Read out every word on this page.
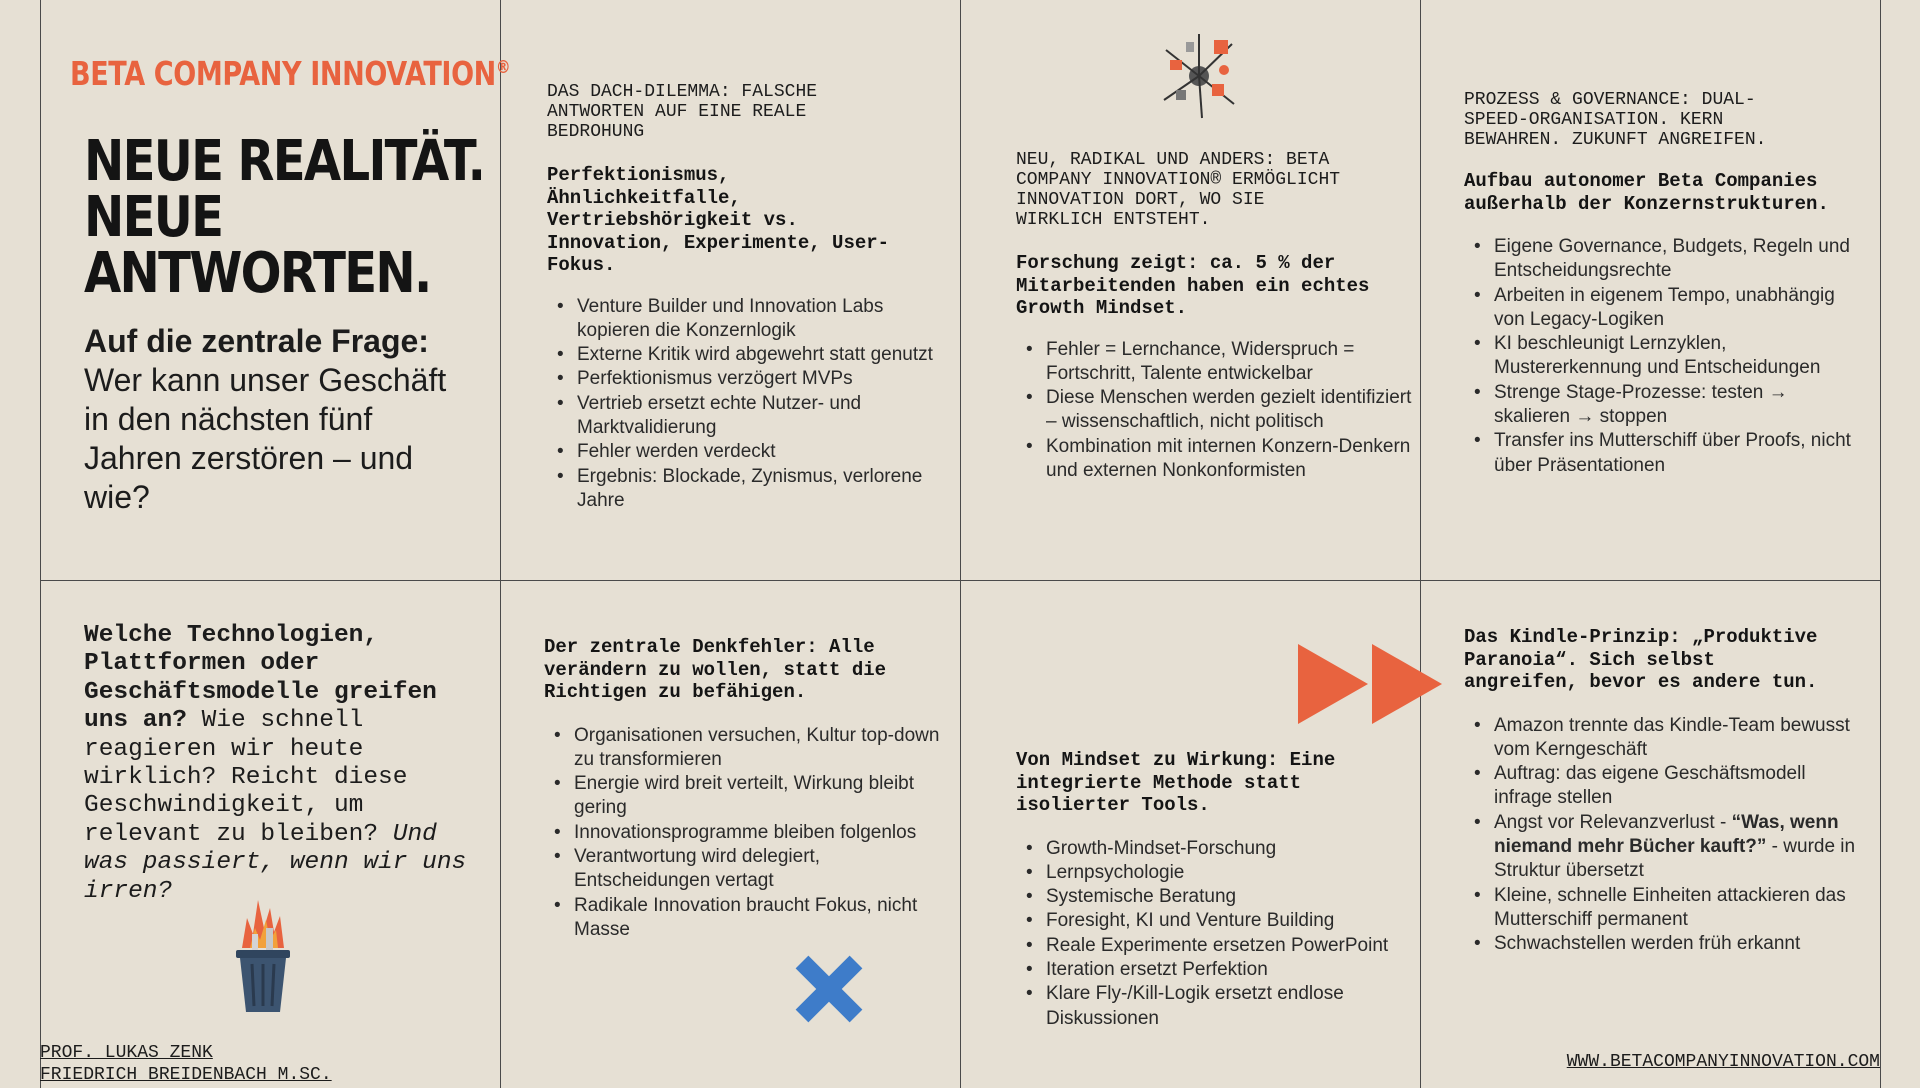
BETA COMPANY INNOVATION®
NEUE REALITÄT.
NEUE
ANTWORTEN.
Auf die zentrale Frage:
Wer kann unser Geschäft in den nächsten fünf Jahren zerstören – und wie?
Welche Technologien, Plattformen oder Geschäftsmodelle greifen uns an? Wie schnell reagieren wir heute wirklich? Reicht diese Geschwindigkeit, um relevant zu bleiben? Und was passiert, wenn wir uns irren?
PROF. LUKAS ZENK
FRIEDRICH BREIDENBACH M.SC.
DAS DACH-DILEMMA: FALSCHE
ANTWORTEN AUF EINE REALE
BEDROHUNG
Perfektionismus,
Ähnlichkeitfalle,
Vertriebshörigkeit vs.
Innovation, Experimente, User-
Fokus.
• Venture Builder und Innovation Labs kopieren die Konzernlogik
• Externe Kritik wird abgewehrt statt genutzt
• Perfektionismus verzögert MVPs
• Vertrieb ersetzt echte Nutzer- und Marktvalidierung
• Fehler werden verdeckt
• Ergebnis: Blockade, Zynismus, verlorene Jahre
Der zentrale Denkfehler: Alle
verändern zu wollen, statt die
Richtigen zu befähigen.
• Organisationen versuchen, Kultur top-down zu transformieren
• Energie wird breit verteilt, Wirkung bleibt gering
• Innovationsprogramme bleiben folgenlos
• Verantwortung wird delegiert, Entscheidungen vertagt
• Radikale Innovation braucht Fokus, nicht Masse
NEU, RADIKAL UND ANDERS: BETA
COMPANY INNOVATION® ERMÖGLICHT
INNOVATION DORT, WO SIE
WIRKLICH ENTSTEHT.
Forschung zeigt: ca. 5 % der
Mitarbeitenden haben ein echtes
Growth Mindset.
• Fehler = Lernchance, Widerspruch = Fortschritt, Talente entwickelbar
• Diese Menschen werden gezielt identifiziert – wissenschaftlich, nicht politisch
• Kombination mit internen Konzern-Denkern und externen Nonkonformisten
Von Mindset zu Wirkung: Eine
integrierte Methode statt
isolierter Tools.
• Growth-Mindset-Forschung
• Lernpsychologie
• Systemische Beratung
• Foresight, KI und Venture Building
• Reale Experimente ersetzen PowerPoint
• Iteration ersetzt Perfektion
• Klare Fly-/Kill-Logik ersetzt endlose Diskussionen
PROZESS & GOVERNANCE: DUAL-
SPEED-ORGANISATION. KERN
BEWAHREN. ZUKUNFT ANGREIFEN.
Aufbau autonomer Beta Companies
außerhalb der Konzernstrukturen.
• Eigene Governance, Budgets, Regeln und Entscheidungsrechte
• Arbeiten in eigenem Tempo, unabhängig von Legacy-Logiken
• KI beschleunigt Lernzyklen, Mustererkennung und Entscheidungen
• Strenge Stage-Prozesse: testen → skalieren → stoppen
• Transfer ins Mutterschiff über Proofs, nicht über Präsentationen
Das Kindle-Prinzip: „Produktive
Paranoia“. Sich selbst
angreifen, bevor es andere tun.
• Amazon trennte das Kindle-Team bewusst vom Kerngeschäft
• Auftrag: das eigene Geschäftsmodell infrage stellen
• Angst vor Relevanzverlust - “Was, wenn niemand mehr Bücher kauft?” - wurde in Struktur übersetzt
• Kleine, schnelle Einheiten attackieren das Mutterschiff permanent
• Schwachstellen werden früh erkannt
WWW.BETACOMPANYINNOVATION.COM
